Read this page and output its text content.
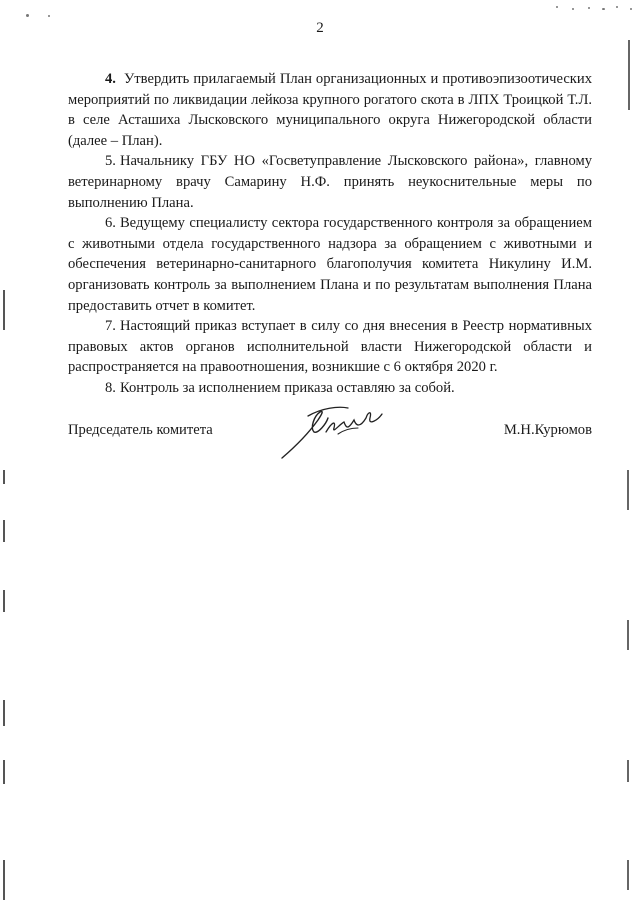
2

4. Утвердить прилагаемый План организационных и противоэпизоотических мероприятий по ликвидации лейкоза крупного рогатого скота в ЛПХ Троицкой Т.Л. в селе Асташиха Лысковского муниципального округа Нижегородской области (далее – План).

5. Начальнику ГБУ НО «Госветуправление Лысковского района», главному ветеринарному врачу Самарину Н.Ф. принять неукоснительные меры по выполнению Плана.

6. Ведущему специалисту сектора государственного контроля за обращением с животными отдела государственного надзора за обращением с животными и обеспечения ветеринарно-санитарного благополучия комитета Никулину И.М. организовать контроль за выполнением Плана и по результатам выполнения Плана предоставить отчет в комитет.

7. Настоящий приказ вступает в силу со дня внесения в Реестр нормативных правовых актов органов исполнительной власти Нижегородской области и распространяется на правоотношения, возникшие с 6 октября 2020 г.

8. Контроль за исполнением приказа оставляю за собой.

Председатель комитета	М.Н.Курюмов
